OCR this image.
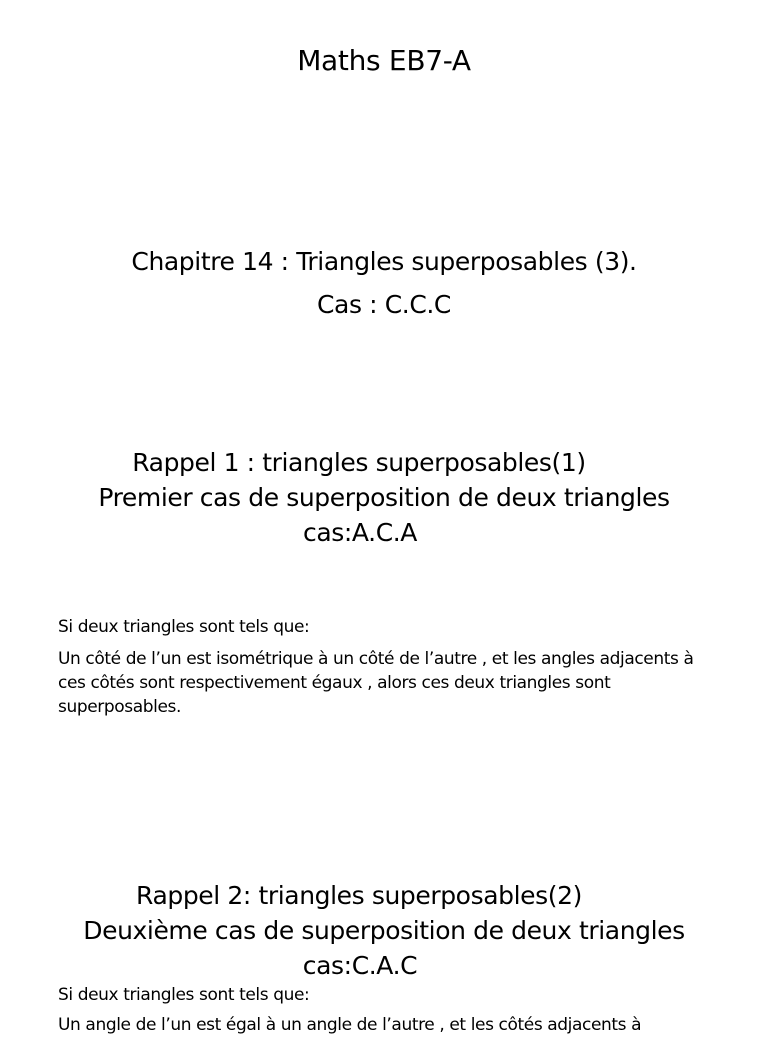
Maths EB7-A
Chapitre 14 : Triangles superposables (3).
Cas : C.C.C
Rappel 1 : triangles superposables(1)
Premier cas de superposition de deux triangles
cas:A.C.A
Si deux triangles sont tels que:
Un côté de l’un est isométrique à un côté de l’autre , et les angles adjacents à ces côtés sont respectivement égaux , alors ces deux triangles sont superposables.
Rappel 2: triangles superposables(2)
Deuxième cas de superposition de deux triangles
cas:C.A.C
Si deux triangles sont tels que:
Un angle de l’un est égal à un angle de l’autre , et les côtés adjacents à
